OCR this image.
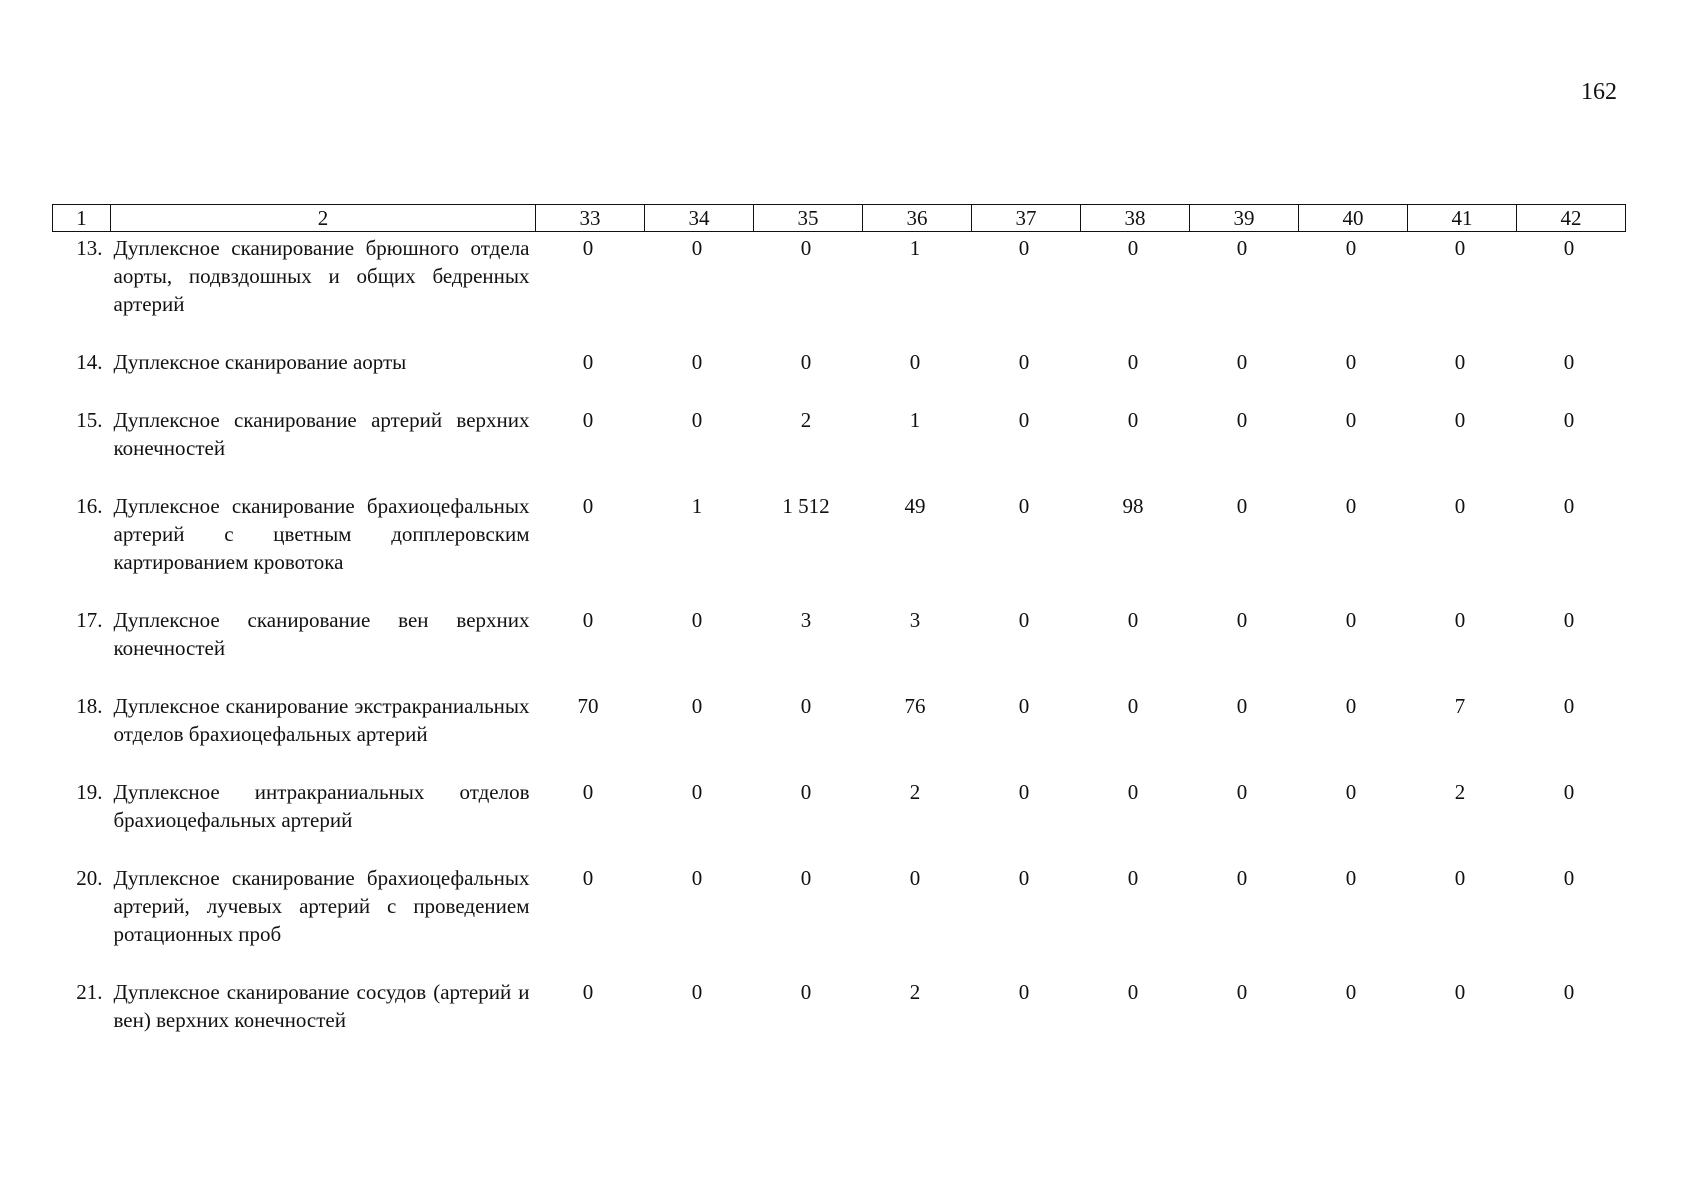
162
1	2	33	34	35	36	37	38	39	40	41	42
13.	Дуплексное сканирование брюшного отдела аорты, подвздошных и общих бедренных артерий	0	0	0	1	0	0	0	0	0	0
14.	Дуплексное сканирование аорты	0	0	0	0	0	0	0	0	0	0
15.	Дуплексное сканирование артерий верхних конечностей	0	0	2	1	0	0	0	0	0	0
16.	Дуплексное сканирование брахиоцефальных артерий с цветным допплеровским картированием кровотока	0	1	1 512	49	0	98	0	0	0	0
17.	Дуплексное сканирование вен верхних конечностей	0	0	3	3	0	0	0	0	0	0
18.	Дуплексное сканирование экстракраниальных отделов брахиоцефальных артерий	70	0	0	76	0	0	0	0	7	0
19.	Дуплексное интракраниальных отделов брахиоцефальных артерий	0	0	0	2	0	0	0	0	2	0
20.	Дуплексное сканирование брахиоцефальных артерий, лучевых артерий с проведением ротационных проб	0	0	0	0	0	0	0	0	0	0
21.	Дуплексное сканирование сосудов (артерий и вен) верхних конечностей	0	0	0	2	0	0	0	0	0	0
